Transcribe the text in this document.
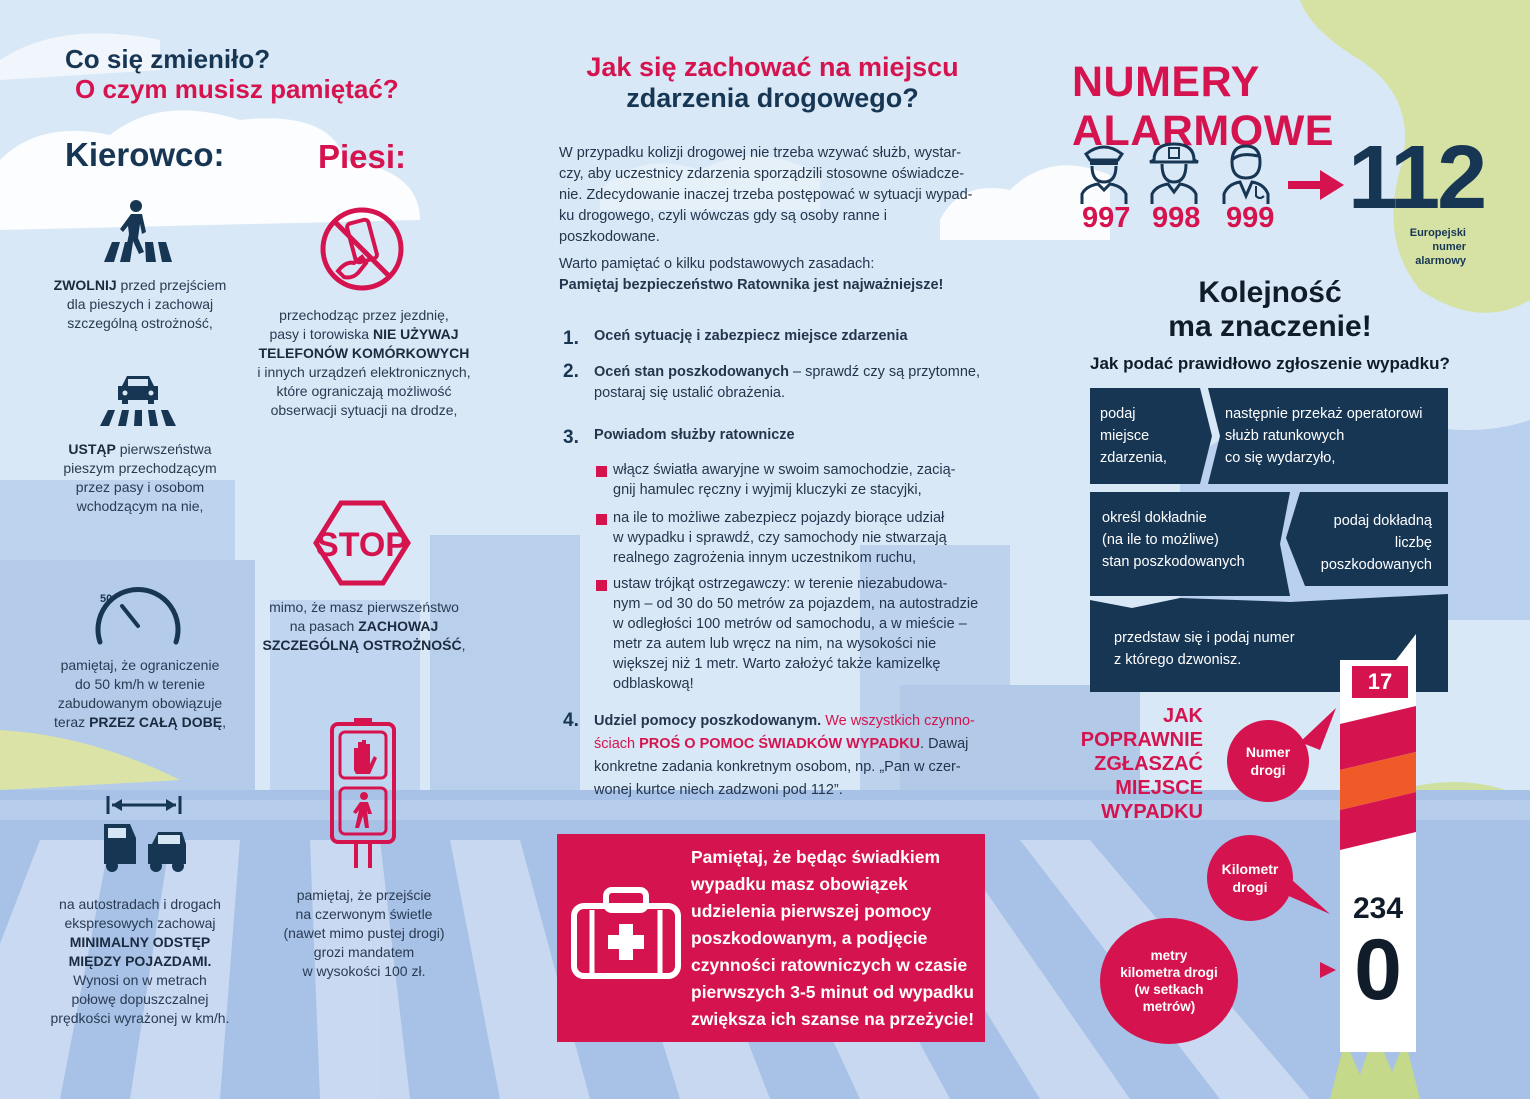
Co się zmieniło?
O czym musisz pamiętać?
Kierowco:	Piesi:
ZWOLNIJ przed przejściem
dla pieszych i zachowaj
szczególną ostrożność,
USTĄP pierwszeństwa
pieszym przechodzącym
przez pasy i osobom
wchodzącym na nie,
50
pamiętaj, że ograniczenie
do 50 km/h w terenie
zabudowanym obowiązuje
teraz PRZEZ CAŁĄ DOBĘ,
na autostradach i drogach
ekspresowych zachowaj
MINIMALNY ODSTĘP
MIĘDZY POJAZDAMI.
Wynosi on w metrach
połowę dopuszczalnej
prędkości wyrażonej w km/h.
przechodząc przez jezdnię,
pasy i torowiska NIE UŻYWAJ
TELEFONÓW KOMÓRKOWYCH
i innych urządzeń elektronicznych,
które ograniczają możliwość
obserwacji sytuacji na drodze,
STOP
mimo, że masz pierwszeństwo
na pasach ZACHOWAJ
SZCZEGÓLNĄ OSTROŻNOŚĆ,
pamiętaj, że przejście
na czerwonym świetle
(nawet mimo pustej drogi)
grozi mandatem
w wysokości 100 zł.
Jak się zachować na miejscu
zdarzenia drogowego?
W przypadku kolizji drogowej nie trzeba wzywać służb, wystar-
czy, aby uczestnicy zdarzenia sporządzili stosowne oświadcze-
nie. Zdecydowanie inaczej trzeba postępować w sytuacji wypad-
ku drogowego, czyli wówczas gdy są osoby ranne i poszkodowane.
Warto pamiętać o kilku podstawowych zasadach:
Pamiętaj bezpieczeństwo Ratownika jest najważniejsze!
1. Oceń sytuację i zabezpiecz miejsce zdarzenia
2. Oceń stan poszkodowanych – sprawdź czy są przytomne,
postaraj się ustalić obrażenia.
3. Powiadom służby ratownicze
włącz światła awaryjne w swoim samochodzie, zacią-
gnij hamulec ręczny i wyjmij kluczyki ze stacyjki,
na ile to możliwe zabezpiecz pojazdy biorące udział
w wypadku i sprawdź, czy samochody nie stwarzają
realnego zagrożenia innym uczestnikom ruchu,
ustaw trójkąt ostrzegawczy: w terenie niezabudowa-
nym – od 30 do 50 metrów za pojazdem, na autostradzie
w odległości 100 metrów od samochodu, a w mieście –
metr za autem lub wręcz na nim, na wysokości nie
większej niż 1 metr. Warto założyć także kamizelkę
odblaskową!
4. Udziel pomocy poszkodowanym. We wszystkich czynno-
ściach PROŚ O POMOC ŚWIADKÓW WYPADKU. Dawaj
konkretne zadania konkretnym osobom, np. „Pan w czer-
wonej kurtce niech zadzwoni pod 112”.
Pamiętaj, że będąc świadkiem
wypadku masz obowiązek
udzielenia pierwszej pomocy
poszkodowanym, a podjęcie
czynności ratowniczych w czasie
pierwszych 3-5 minut od wypadku
zwiększa ich szanse na przeżycie!
NUMERY ALARMOWE
997 998 999 112
Europejski
numer alarmowy
Kolejność
ma znaczenie!
Jak podać prawidłowo zgłoszenie wypadku?
podaj
miejsce
zdarzenia,
następnie przekaż operatorowi
służb ratunkowych
co się wydarzyło,
określ dokładnie
(na ile to możliwe)
stan poszkodowanych
podaj dokładną
liczbę
poszkodowanych
przedstaw się i podaj numer
z którego dzwonisz.
JAK
POPRAWNIE
ZGŁASZAĆ
MIEJSCE
WYPADKU
17
234
0
Numer
drogi
Kilometr
drogi
metry
kilometra drogi
(w setkach
metrów)
